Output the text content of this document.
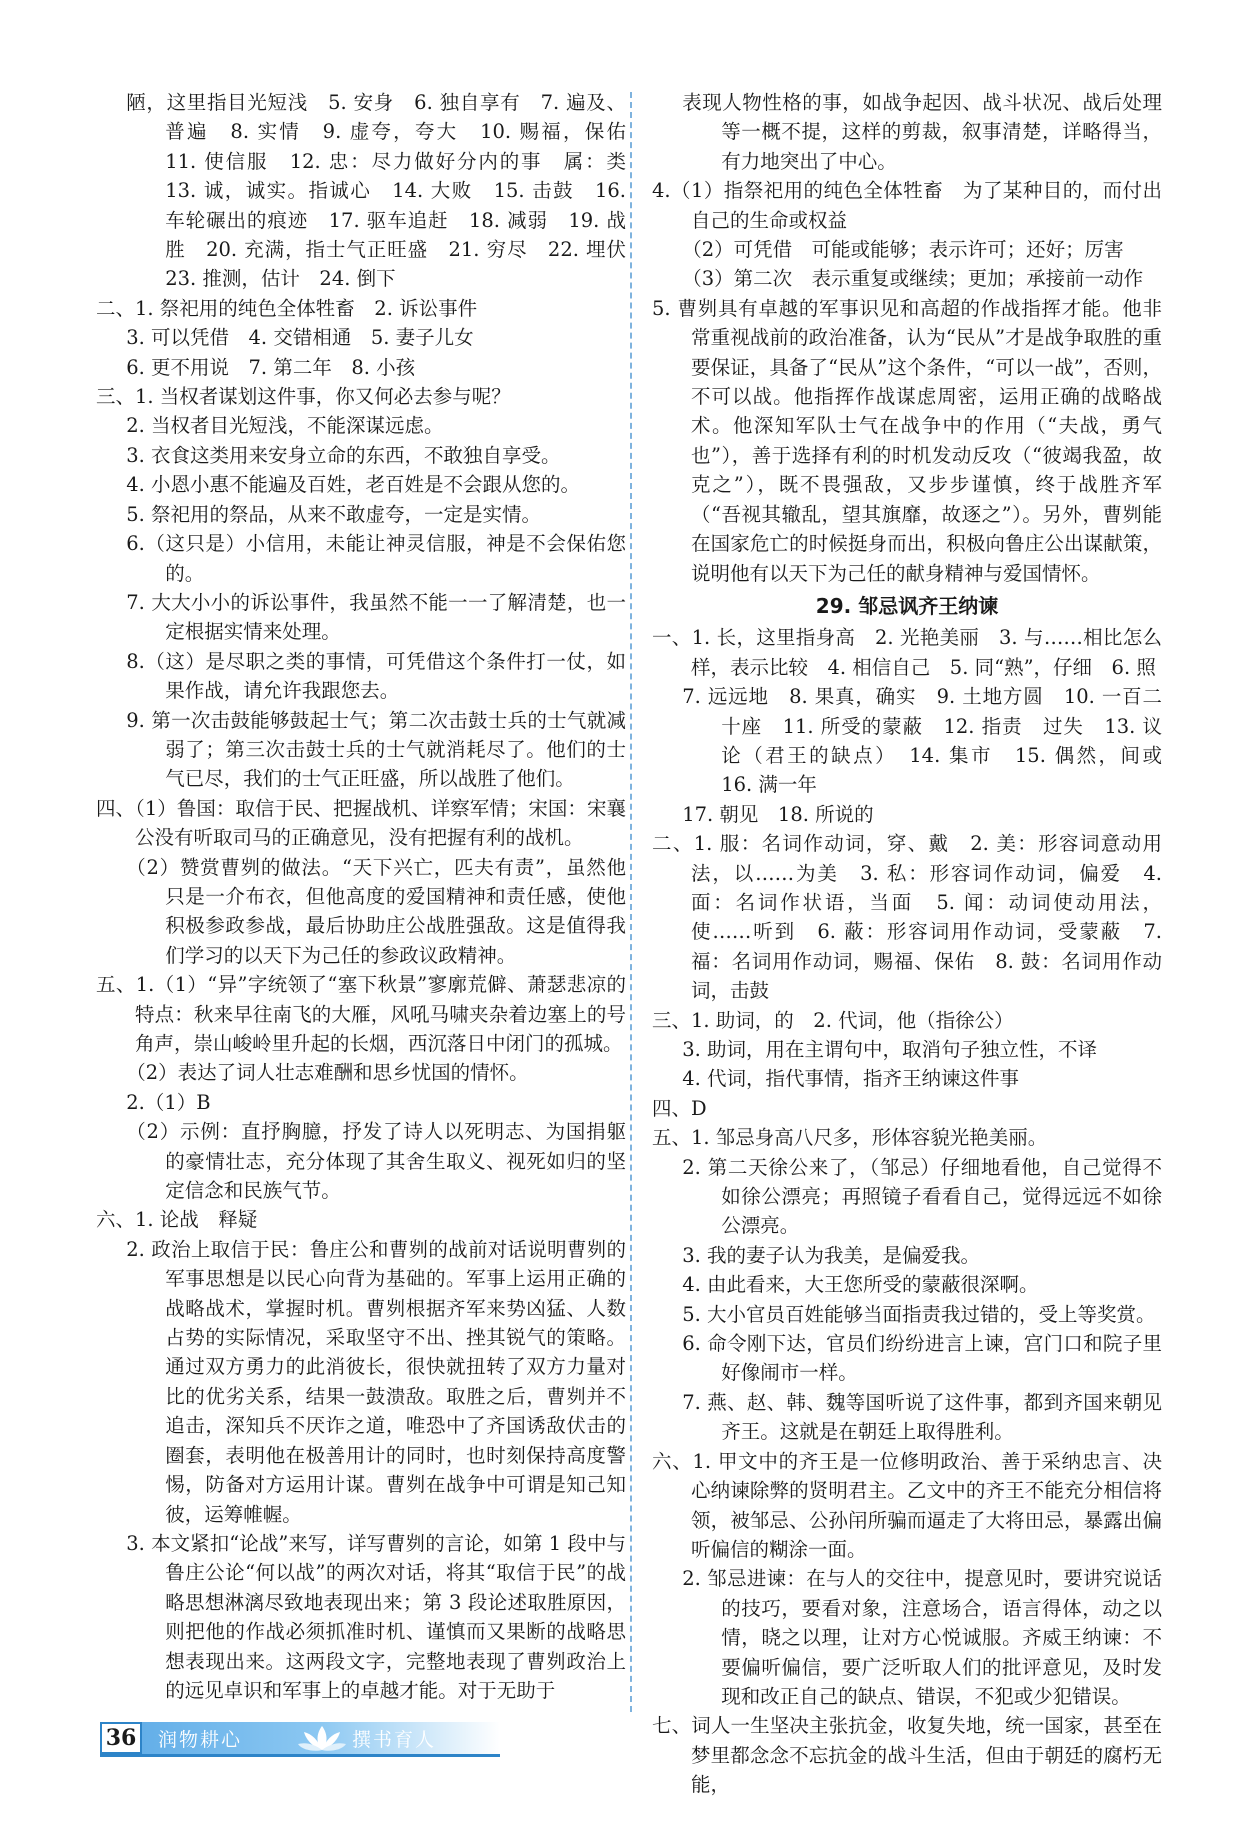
陋，这里指目光短浅　5. 安身　6. 独自享有　7. 遍及、普遍　8. 实情　9. 虚夸，夸大　10. 赐福，保佑　11. 使信服　12. 忠：尽力做好分内的事　属：类　13. 诚，诚实。指诚心　14. 大败　15. 击鼓　16. 车轮碾出的痕迹　17. 驱车追赶　18. 减弱　19. 战胜　20. 充满，指士气正旺盛　21. 穷尽　22. 埋伏　23. 推测，估计　24. 倒下

二、1. 祭祀用的纯色全体牲畜　2. 诉讼事件

3. 可以凭借　4. 交错相通　5. 妻子儿女

6. 更不用说　7. 第二年　8. 小孩

三、1. 当权者谋划这件事，你又何必去参与呢？

2. 当权者目光短浅，不能深谋远虑。

3. 衣食这类用来安身立命的东西，不敢独自享受。

4. 小恩小惠不能遍及百姓，老百姓是不会跟从您的。

5. 祭祀用的祭品，从来不敢虚夸，一定是实情。

6.（这只是）小信用，未能让神灵信服，神是不会保佑您的。

7. 大大小小的诉讼事件，我虽然不能一一了解清楚，也一定根据实情来处理。

8.（这）是尽职之类的事情，可凭借这个条件打一仗，如果作战，请允许我跟您去。

9. 第一次击鼓能够鼓起士气；第二次击鼓士兵的士气就减弱了；第三次击鼓士兵的士气就消耗尽了。他们的士气已尽，我们的士气正旺盛，所以战胜了他们。

四、（1）鲁国：取信于民、把握战机、详察军情；宋国：宋襄公没有听取司马的正确意见，没有把握有利的战机。

（2）赞赏曹刿的做法。“天下兴亡，匹夫有责”，虽然他只是一介布衣，但他高度的爱国精神和责任感，使他积极参政参战，最后协助庄公战胜强敌。这是值得我们学习的以天下为己任的参政议政精神。

五、1.（1）“异”字统领了“塞下秋景”寥廓荒僻、萧瑟悲凉的特点：秋来早往南飞的大雁，风吼马啸夹杂着边塞上的号角声，崇山峻岭里升起的长烟，西沉落日中闭门的孤城。

（2）表达了词人壮志难酬和思乡忧国的情怀。

2.（1）B

（2）示例：直抒胸臆，抒发了诗人以死明志、为国捐躯的豪情壮志，充分体现了其舍生取义、视死如归的坚定信念和民族气节。

六、1. 论战　释疑

2. 政治上取信于民：鲁庄公和曹刿的战前对话说明曹刿的军事思想是以民心向背为基础的。军事上运用正确的战略战术，掌握时机。曹刿根据齐军来势凶猛、人数占势的实际情况，采取坚守不出、挫其锐气的策略。通过双方勇力的此消彼长，很快就扭转了双方力量对比的优劣关系，结果一鼓溃敌。取胜之后，曹刿并不追击，深知兵不厌诈之道，唯恐中了齐国诱敌伏击的圈套，表明他在极善用计的同时，也时刻保持高度警惕，防备对方运用计谋。曹刿在战争中可谓是知己知彼，运筹帷幄。

3. 本文紧扣“论战”来写，详写曹刿的言论，如第 1 段中与鲁庄公论“何以战”的两次对话，将其“取信于民”的战略思想淋漓尽致地表现出来；第 3 段论述取胜原因，则把他的作战必须抓准时机、谨慎而又果断的战略思想表现出来。这两段文字，完整地表现了曹刿政治上的远见卓识和军事上的卓越才能。对于无助于

表现人物性格的事，如战争起因、战斗状况、战后处理等一概不提，这样的剪裁，叙事清楚，详略得当，有力地突出了中心。

4.（1）指祭祀用的纯色全体牲畜　为了某种目的，而付出自己的生命或权益

（2）可凭借　可能或能够；表示许可；还好；厉害

（3）第二次　表示重复或继续；更加；承接前一动作

5. 曹刿具有卓越的军事识见和高超的作战指挥才能。他非常重视战前的政治准备，认为“民从”才是战争取胜的重要保证，具备了“民从”这个条件，“可以一战”，否则，不可以战。他指挥作战谋虑周密，运用正确的战略战术。他深知军队士气在战争中的作用（“夫战，勇气也”），善于选择有利的时机发动反攻（“彼竭我盈，故克之”），既不畏强敌，又步步谨慎，终于战胜齐军（“吾视其辙乱，望其旗靡，故逐之”）。另外，曹刿能在国家危亡的时候挺身而出，积极向鲁庄公出谋献策，说明他有以天下为己任的献身精神与爱国情怀。

29. 邹忌讽齐王纳谏

一、1. 长，这里指身高　2. 光艳美丽　3. 与……相比怎么样，表示比较　4. 相信自己　5. 同“熟”，仔细　6. 照

7. 远远地　8. 果真，确实　9. 土地方圆　10. 一百二十座　11. 所受的蒙蔽　12. 指责　过失　13. 议论（君王的缺点）　14. 集市　15. 偶然，间或　16. 满一年

17. 朝见　18. 所说的

二、1. 服：名词作动词，穿、戴　2. 美：形容词意动用法，以……为美　3. 私：形容词作动词，偏爱　4. 面：名词作状语，当面　5. 闻：动词使动用法，使……听到　6. 蔽：形容词用作动词，受蒙蔽　7. 福：名词用作动词，赐福、保佑　8. 鼓：名词用作动词，击鼓

三、1. 助词，的　2. 代词，他（指徐公）

3. 助词，用在主谓句中，取消句子独立性，不译

4. 代词，指代事情，指齐王纳谏这件事

四、D

五、1. 邹忌身高八尺多，形体容貌光艳美丽。

2. 第二天徐公来了，（邹忌）仔细地看他，自己觉得不如徐公漂亮；再照镜子看看自己，觉得远远不如徐公漂亮。

3. 我的妻子认为我美，是偏爱我。

4. 由此看来，大王您所受的蒙蔽很深啊。

5. 大小官员百姓能够当面指责我过错的，受上等奖赏。

6. 命令刚下达，官员们纷纷进言上谏，宫门口和院子里好像闹市一样。

7. 燕、赵、韩、魏等国听说了这件事，都到齐国来朝见齐王。这就是在朝廷上取得胜利。

六、1. 甲文中的齐王是一位修明政治、善于采纳忠言、决心纳谏除弊的贤明君主。乙文中的齐王不能充分相信将领，被邹忌、公孙闬所骗而逼走了大将田忌，暴露出偏听偏信的糊涂一面。

2. 邹忌进谏：在与人的交往中，提意见时，要讲究说话的技巧，要看对象，注意场合，语言得体，动之以情，晓之以理，让对方心悦诚服。齐威王纳谏：不要偏听偏信，要广泛听取人们的批评意见，及时发现和改正自己的缺点、错误，不犯或少犯错误。

七、词人一生坚决主张抗金，收复失地，统一国家，甚至在梦里都念念不忘抗金的战斗生活，但由于朝廷的腐朽无能，

36 润物耕心	撰书育人
